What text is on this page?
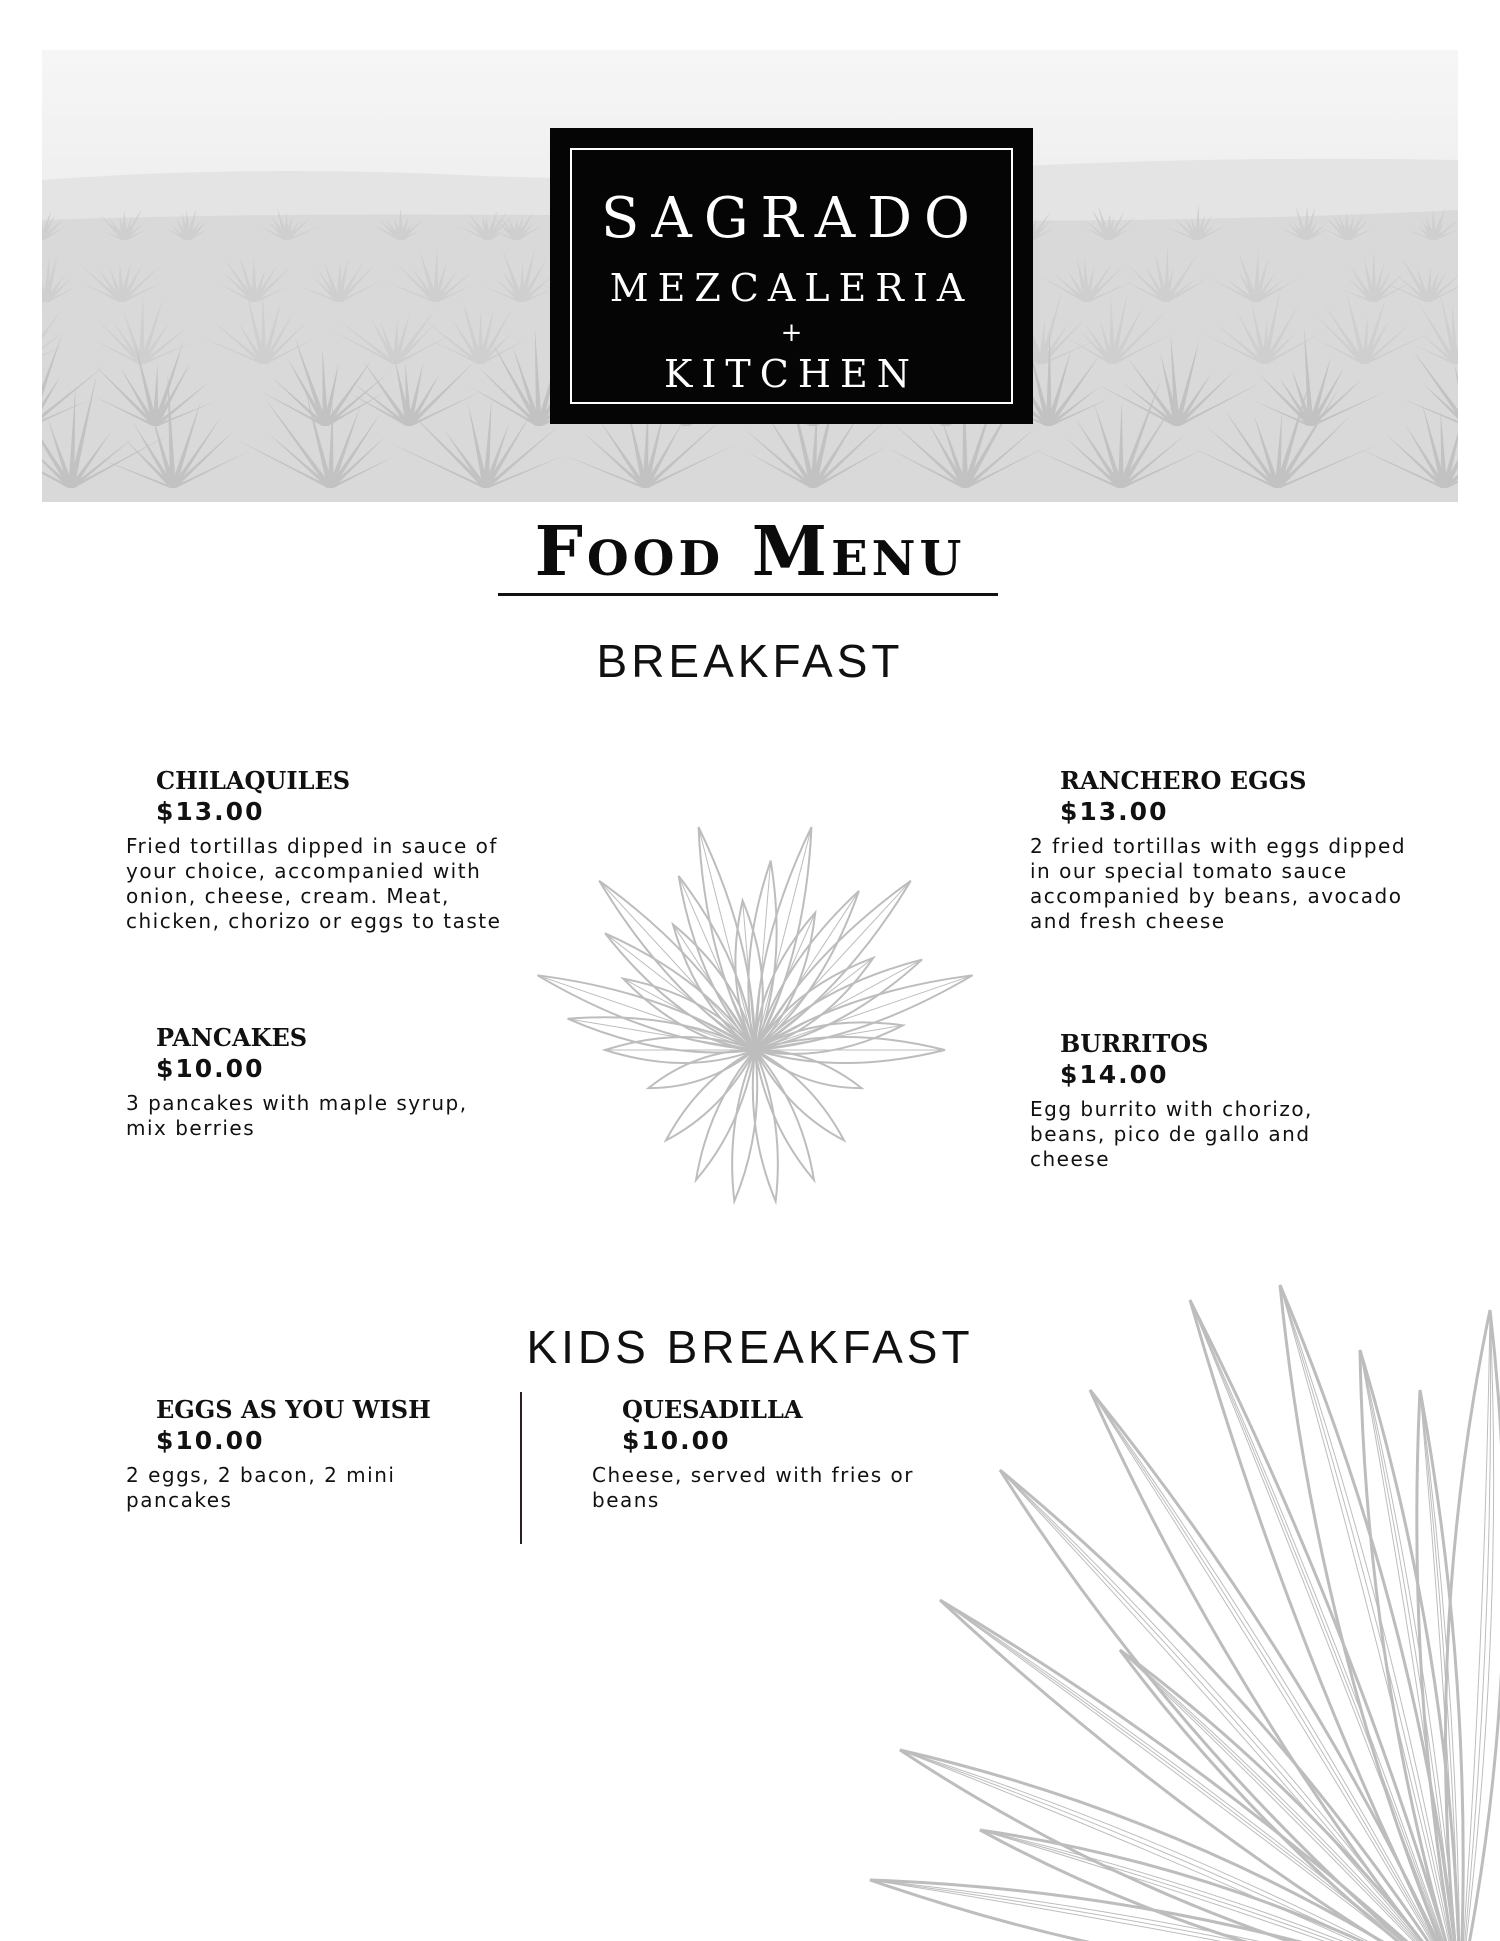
SAGRADO
MEZCALERIA
+
KITCHEN
Food Menu
BREAKFAST
CHILAQUILES
$13.00
Fried tortillas dipped in sauce of your choice, accompanied with onion, cheese, cream. Meat, chicken, chorizo or eggs to taste
PANCAKES
$10.00
3 pancakes with maple syrup, mix berries
RANCHERO EGGS
$13.00
2 fried tortillas with eggs dipped in our special tomato sauce accompanied by beans, avocado and fresh cheese
BURRITOS
$14.00
Egg burrito with chorizo, beans, pico de gallo and cheese
KIDS BREAKFAST
EGGS AS YOU WISH
$10.00
2 eggs, 2 bacon, 2 mini pancakes
QUESADILLA
$10.00
Cheese, served with fries or beans
